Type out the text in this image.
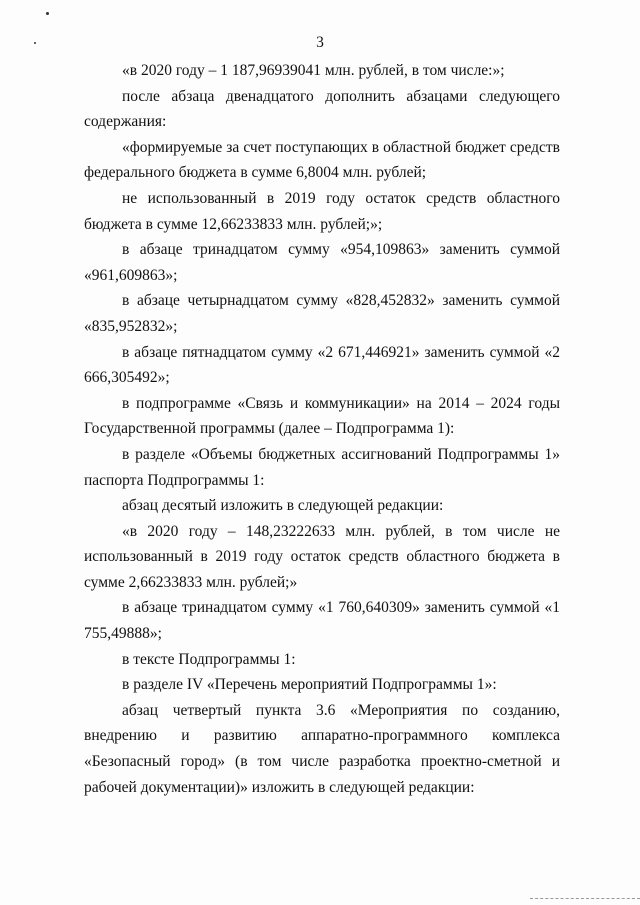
3

«в 2020 году – 1 187,96939041 млн. рублей, в том числе:»;

после абзаца двенадцатого дополнить абзацами следующего содержания:

«формируемые за счет поступающих в областной бюджет средств федерального бюджета в сумме 6,8004 млн. рублей;

не использованный в 2019 году остаток средств областного бюджета в сумме 12,66233833 млн. рублей;»;

в абзаце тринадцатом сумму «954,109863» заменить суммой «961,609863»;

в абзаце четырнадцатом сумму «828,452832» заменить суммой «835,952832»;

в абзаце пятнадцатом сумму «2 671,446921» заменить суммой «2 666,305492»;

в подпрограмме «Связь и коммуникации» на 2014 – 2024 годы Государственной программы (далее – Подпрограмма 1):

в разделе «Объемы бюджетных ассигнований Подпрограммы 1» паспорта Подпрограммы 1:

абзац десятый изложить в следующей редакции:

«в 2020 году – 148,23222633 млн. рублей, в том числе не использованный в 2019 году остаток средств областного бюджета в сумме 2,66233833 млн. рублей;»

в абзаце тринадцатом сумму «1 760,640309» заменить суммой «1 755,49888»;

в тексте Подпрограммы 1:

в разделе IV «Перечень мероприятий Подпрограммы 1»:

абзац четвертый пункта 3.6 «Мероприятия по созданию, внедрению и развитию аппаратно-программного комплекса «Безопасный город» (в том числе разработка проектно-сметной и рабочей документации)» изложить в следующей редакции:
